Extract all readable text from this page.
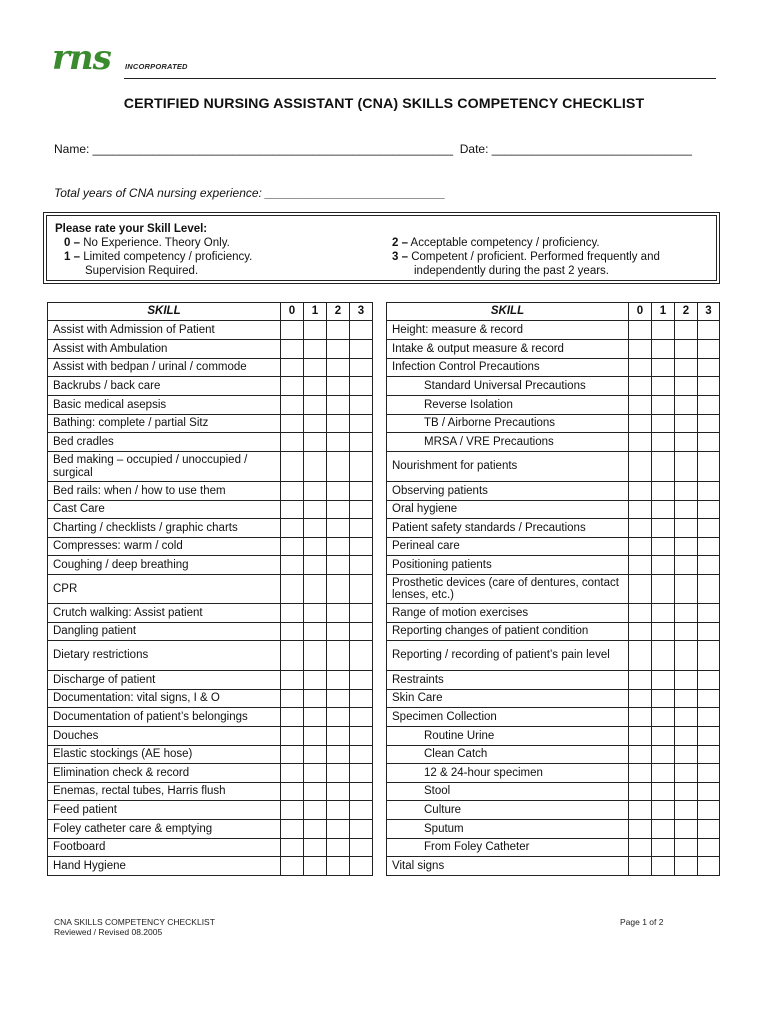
rns INCORPORATED
CERTIFIED NURSING ASSISTANT (CNA) SKILLS COMPETENCY CHECKLIST
Name: ______________________________________________________  Date: ______________________________
Total years of CNA nursing experience: ___________________________
Please rate your Skill Level:
0 – No Experience. Theory Only.
1 – Limited competency / proficiency.
Supervision Required.
2 – Acceptable competency / proficiency.
3 – Competent / proficient. Performed frequently and
independently during the past 2 years.
SKILL	0	1	2	3
Assist with Admission of Patient				
Assist with Ambulation				
Assist with bedpan / urinal / commode				
Backrubs / back care				
Basic medical asepsis				
Bathing: complete / partial Sitz				
Bed cradles				
Bed making – occupied / unoccupied / surgical				
Bed rails: when / how to use them				
Cast Care				
Charting / checklists / graphic charts				
Compresses: warm / cold				
Coughing / deep breathing				
CPR				
Crutch walking: Assist patient				
Dangling patient				
Dietary restrictions				
Discharge of patient				
Documentation: vital signs, I & O				
Documentation of patient’s belongings				
Douches				
Elastic stockings (AE hose)				
Elimination check & record				
Enemas, rectal tubes, Harris flush				
Feed patient				
Foley catheter care & emptying				
Footboard				
Hand Hygiene				
SKILL	0	1	2	3
Height: measure & record				
Intake & output measure & record				
Infection Control Precautions				
Standard Universal Precautions				
Reverse Isolation				
TB / Airborne Precautions				
MRSA / VRE Precautions				
Nourishment for patients				
Observing patients				
Oral hygiene				
Patient safety standards / Precautions				
Perineal care				
Positioning patients				
Prosthetic devices (care of dentures, contact lenses, etc.)				
Range of motion exercises				
Reporting changes of patient condition				
Reporting / recording of patient’s pain level				
Restraints				
Skin Care				
Specimen Collection				
Routine Urine				
Clean Catch				
12 & 24-hour specimen				
Stool				
Culture				
Sputum				
From Foley Catheter				
Vital signs				
CNA SKILLS COMPETENCY CHECKLIST
Reviewed / Revised 08.2005
Page 1 of 2
